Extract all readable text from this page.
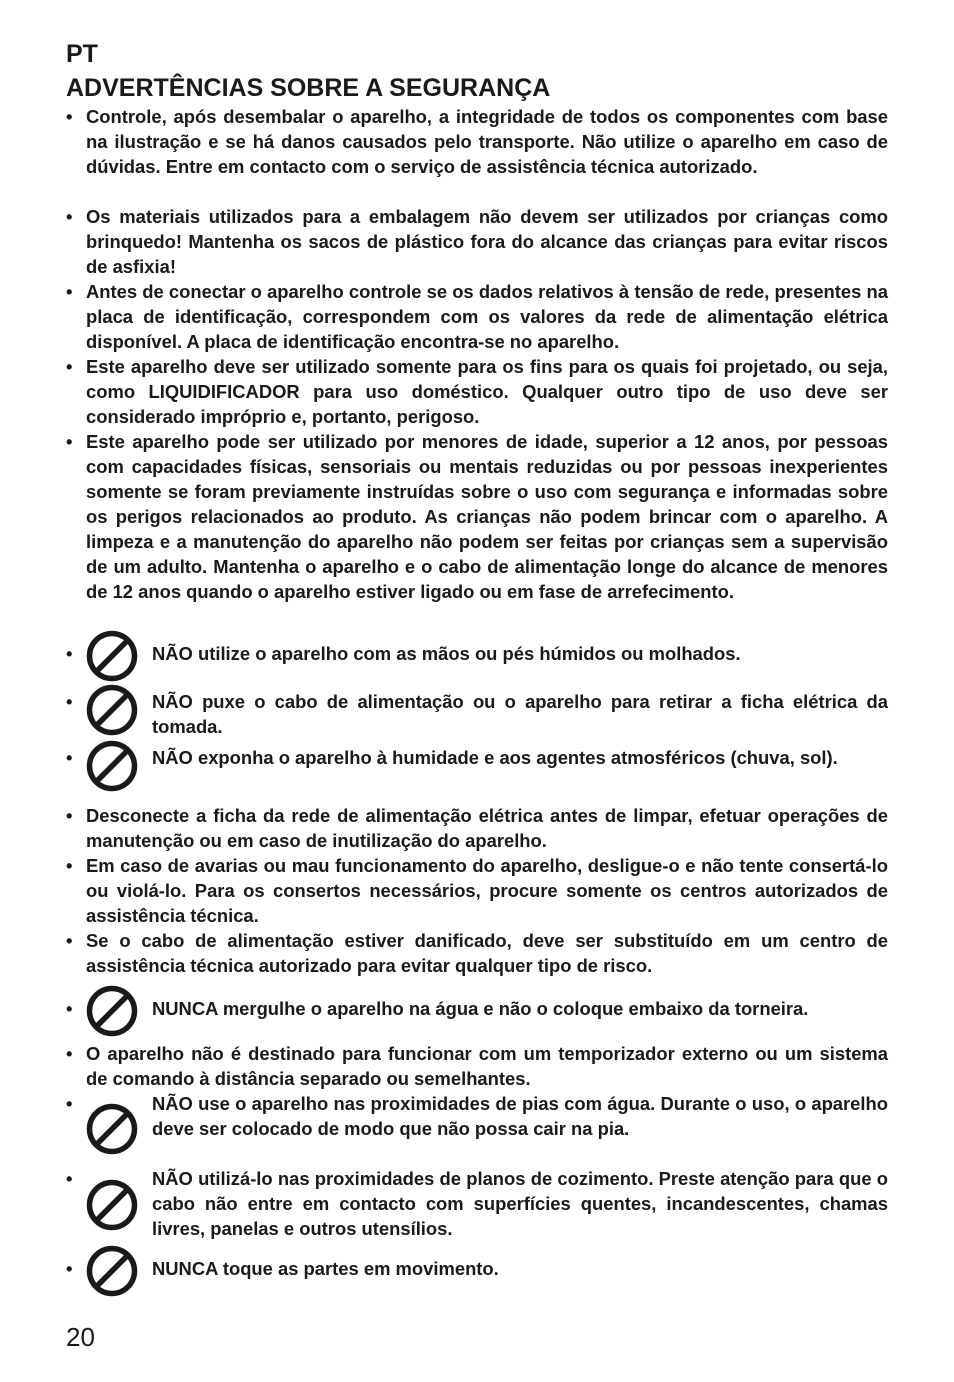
PT
ADVERTÊNCIAS SOBRE A SEGURANÇA
• Controle, após desembalar o aparelho, a integridade de todos os componentes com base na ilustração e se há danos causados pelo transporte. Não utilize o aparelho em caso de dúvidas. Entre em contacto com o serviço de assistência técnica autorizado.
• Os materiais utilizados para a embalagem não devem ser utilizados por crianças como brinquedo! Mantenha os sacos de plástico fora do alcance das crianças para evitar riscos de asfixia!
• Antes de conectar o aparelho controle se os dados relativos à tensão de rede, presentes na placa de identificação, correspondem com os valores da rede de alimentação elétrica disponível. A placa de identificação encontra-se no aparelho.
• Este aparelho deve ser utilizado somente para os fins para os quais foi projetado, ou seja, como LIQUIDIFICADOR para uso doméstico. Qualquer outro tipo de uso deve ser considerado impróprio e, portanto, perigoso.
• Este aparelho pode ser utilizado por menores de idade, superior a 12 anos, por pessoas com capacidades físicas, sensoriais ou mentais reduzidas ou por pessoas inexperientes somente se foram previamente instruídas sobre o uso com segurança e informadas sobre os perigos relacionados ao produto. As crianças não podem brincar com o aparelho. A limpeza e a manutenção do aparelho não podem ser feitas por crianças sem a supervisão de um adulto. Mantenha o aparelho e o cabo de alimentação longe do alcance de menores de 12 anos quando o aparelho estiver ligado ou em fase de arrefecimento.
•	NÃO utilize o aparelho com as mãos ou pés húmidos ou molhados.
•	NÃO puxe o cabo de alimentação ou o aparelho para retirar a ficha elétrica da tomada.
•	NÃO exponha o aparelho à humidade e aos agentes atmosféricos (chuva, sol).
• Desconecte a ficha da rede de alimentação elétrica antes de limpar, efetuar operações de manutenção ou em caso de inutilização do aparelho.
• Em caso de avarias ou mau funcionamento do aparelho, desligue-o e não tente consertá-lo ou violá-lo. Para os consertos necessários, procure somente os centros autorizados de assistência técnica.
• Se o cabo de alimentação estiver danificado, deve ser substituído em um centro de assistência técnica autorizado para evitar qualquer tipo de risco.
•	NUNCA mergulhe o aparelho na água e não o coloque embaixo da torneira.
• O aparelho não é destinado para funcionar com um temporizador externo ou um sistema de comando à distância separado ou semelhantes.
•	NÃO use o aparelho nas proximidades de pias com água. Durante o uso, o aparelho deve ser colocado de modo que não possa cair na pia.
•	NÃO utilizá-lo nas proximidades de planos de cozimento. Preste atenção para que o cabo não entre em contacto com superfícies quentes, incandescentes, chamas livres, panelas e outros utensílios.
•	NUNCA toque as partes em movimento.
20
